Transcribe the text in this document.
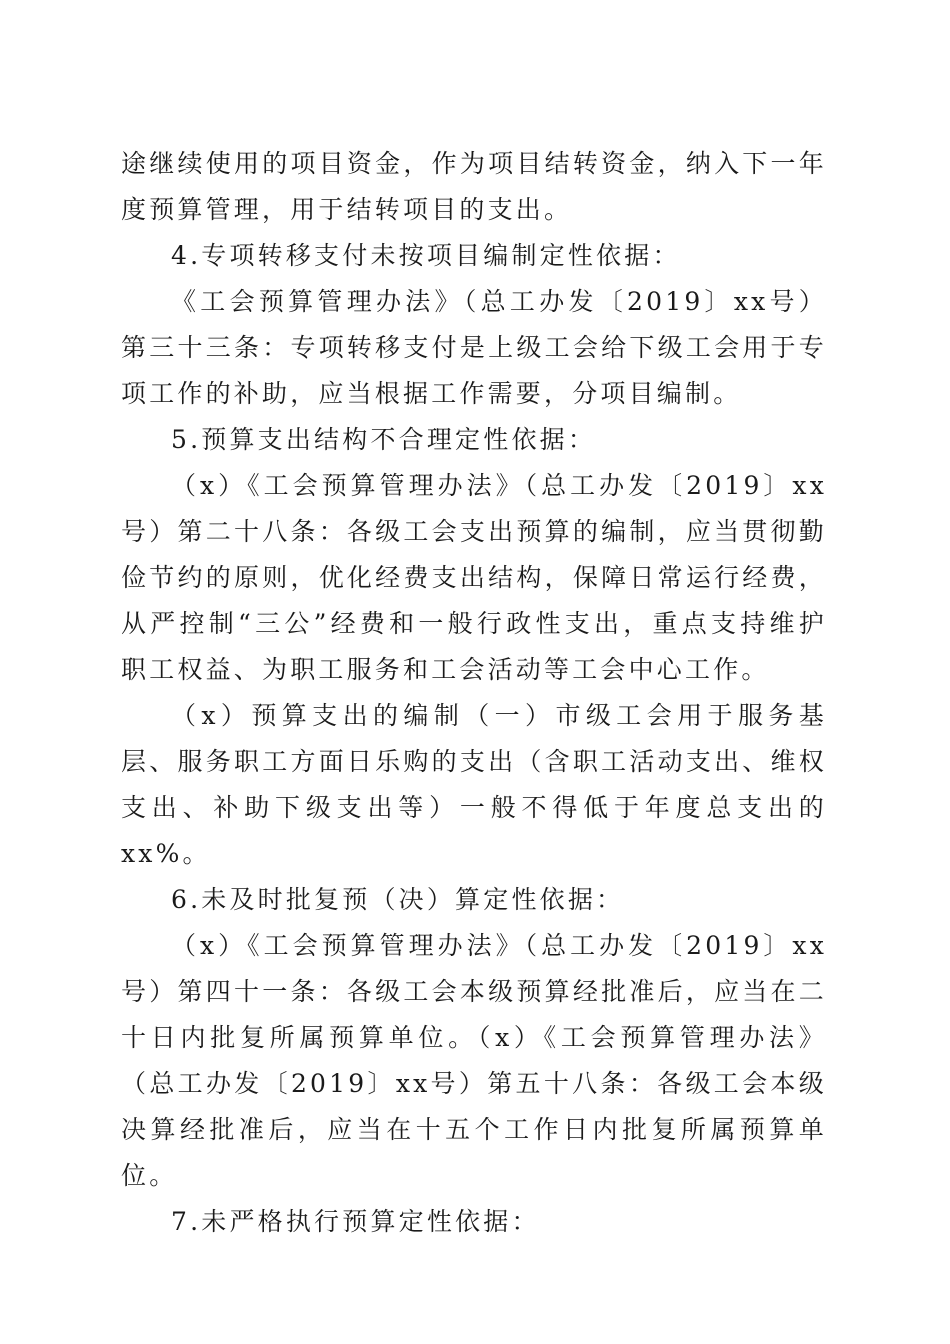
途继续使用的项目资金，作为项目结转资金，纳入下一年度预算管理，用于结转项目的支出。

4.专项转移支付未按项目编制定性依据：

《工会预算管理办法》（总工办发〔2019〕xx号）第三十三条：专项转移支付是上级工会给下级工会用于专项工作的补助，应当根据工作需要，分项目编制。

5.预算支出结构不合理定性依据：

（x）《工会预算管理办法》（总工办发〔2019〕xx号）第二十八条：各级工会支出预算的编制，应当贯彻勤俭节约的原则，优化经费支出结构，保障日常运行经费，从严控制“三公”经费和一般行政性支出，重点支持维护职工权益、为职工服务和工会活动等工会中心工作。

（x）预算支出的编制（一）市级工会用于服务基层、服务职工方面日乐购的支出（含职工活动支出、维权支出、补助下级支出等）一般不得低于年度总支出的xx%。

6.未及时批复预（决）算定性依据：

（x）《工会预算管理办法》（总工办发〔2019〕xx号）第四十一条：各级工会本级预算经批准后，应当在二十日内批复所属预算单位。（x）《工会预算管理办法》（总工办发〔2019〕xx号）第五十八条：各级工会本级决算经批准后，应当在十五个工作日内批复所属预算单位。

7.未严格执行预算定性依据：
